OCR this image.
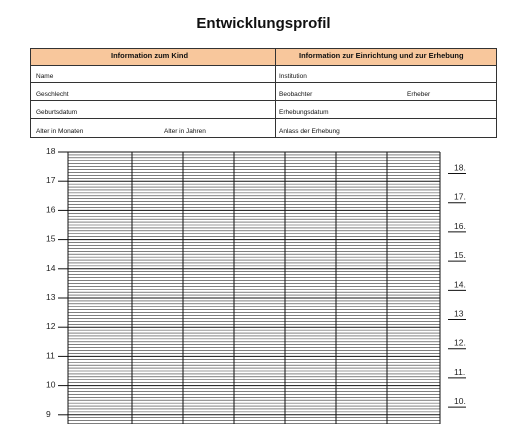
Entwicklungsprofil
Information zum Kind	Information zur Einrichtung und zur Erhebung
Name	Institution
Geschlecht	Beobachter	Erheber
Geburtsdatum	Erhebungsdatum
Alter in Monaten	Alter in Jahren	Anlass der Erhebung
18
17
16
15
14
13
12
11
10
9
18.
17.
16.
15.
14.
13
12.
11.
10.
